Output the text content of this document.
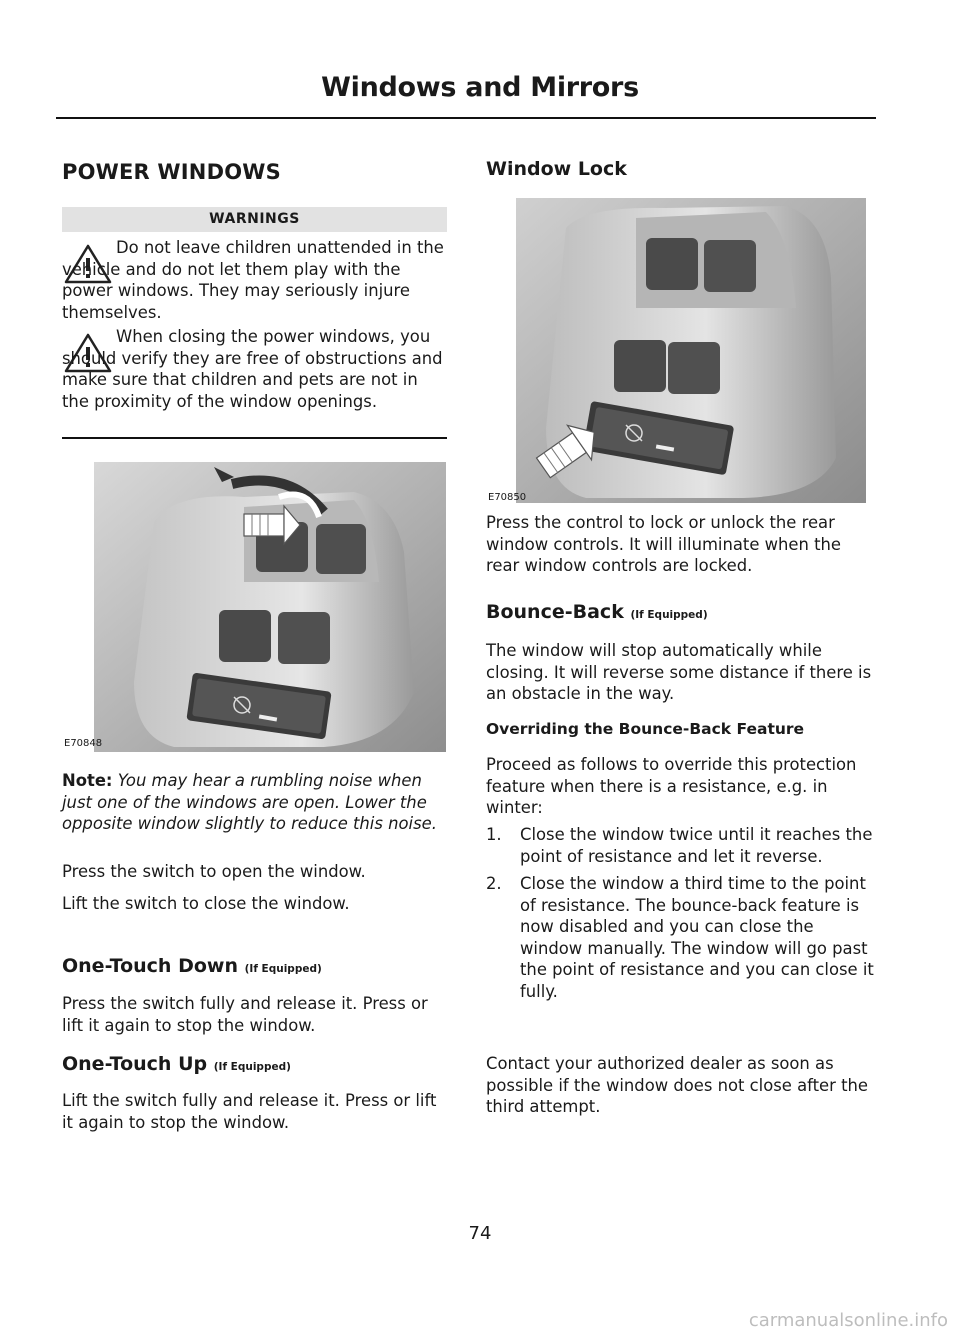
Windows and Mirrors
POWER WINDOWS
WARNINGS
Do not leave children unattended in the vehicle and do not let them play with the power windows. They may seriously injure themselves.
When closing the power windows, you should verify they are free of obstructions and make sure that children and pets are not in the proximity of the window openings.
E70848
Note: You may hear a rumbling noise when just one of the windows are open. Lower the opposite window slightly to reduce this noise.
Press the switch to open the window.
Lift the switch to close the window.
One-Touch Down (If Equipped)
Press the switch fully and release it. Press or lift it again to stop the window.
One-Touch Up (If Equipped)
Lift the switch fully and release it. Press or lift it again to stop the window.
Window Lock
E70850
Press the control to lock or unlock the rear window controls. It will illuminate when the rear window controls are locked.
Bounce-Back (If Equipped)
The window will stop automatically while closing. It will reverse some distance if there is an obstacle in the way.
Overriding the Bounce-Back Feature
Proceed as follows to override this protection feature when there is a resistance, e.g. in winter:
1. Close the window twice until it reaches the point of resistance and let it reverse.
2. Close the window a third time to the point of resistance. The bounce-back feature is now disabled and you can close the window manually. The window will go past the point of resistance and you can close it fully.
Contact your authorized dealer as soon as possible if the window does not close after the third attempt.
74
carmanualsonline.info
